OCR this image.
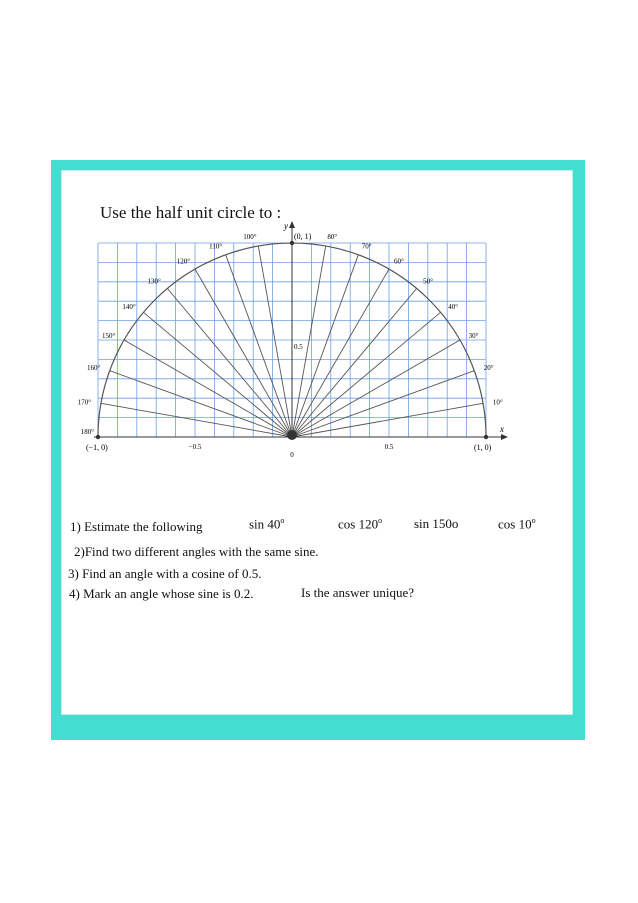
Use the half unit circle to :
10°
20°
30°
40°
50°
60°
70°
80°
100°
110°
120°
130°
140°
150°
160°
170°
180°
y
x
(0, 1)
0.5
(−1, 0)	(1, 0)
−0.5
0
0.5
1) Estimate the following	sin 40$^o$	cos 120$^o$ sin 150o	cos 10$^o$
2)Find two different angles with the same sine.
3) Find an angle with a cosine of 0.5.
4) Mark an angle whose sine is 0.2.	Is the answer unique?
